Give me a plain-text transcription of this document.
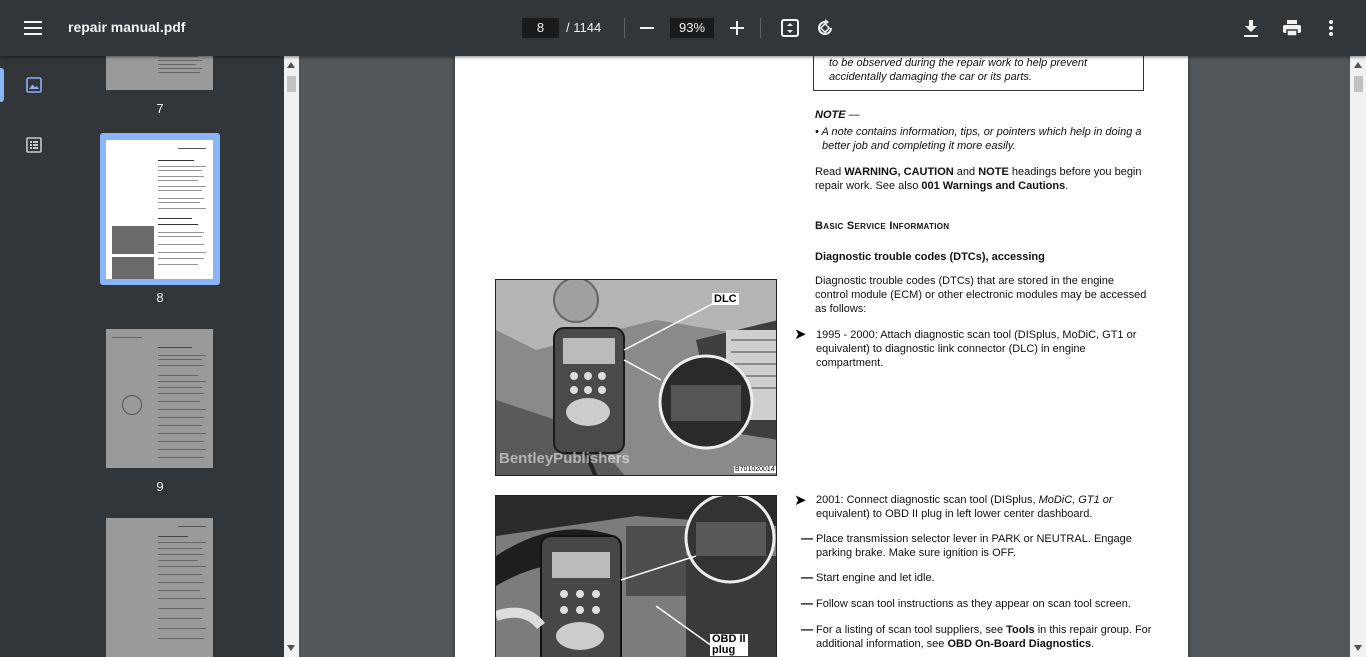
repair manual.pdf	8	/ 1144	93%
7
8
9
to be observed during the repair work to help prevent
accidentally damaging the car or its parts.
NOTE —
• A note contains information, tips, or pointers which help in doing a
better job and completing it more easily.
Read WARNING, CAUTION and NOTE headings before you begin
repair work. See also 001 Warnings and Cautions.
Basic Service Information
Diagnostic trouble codes (DTCs), accessing
Diagnostic trouble codes (DTCs) that are stored in the engine
control module (ECM) or other electronic modules may be accessed
as follows:
➤ 1995 - 2000: Attach diagnostic scan tool (DISplus, MoDiC, GT1 or
equivalent) to diagnostic link connector (DLC) in engine
compartment.
DLC
BentleyPublishers
B701020014
OBD II
plug
➤ 2001: Connect diagnostic scan tool (DISplus, MoDiC, GT1 or
equivalent) to OBD II plug in left lower center dashboard.
— Place transmission selector lever in PARK or NEUTRAL. Engage
parking brake. Make sure ignition is OFF.
— Start engine and let idle.
— Follow scan tool instructions as they appear on scan tool screen.
— For a listing of scan tool suppliers, see Tools in this repair group. For
additional information, see OBD On-Board Diagnostics.
